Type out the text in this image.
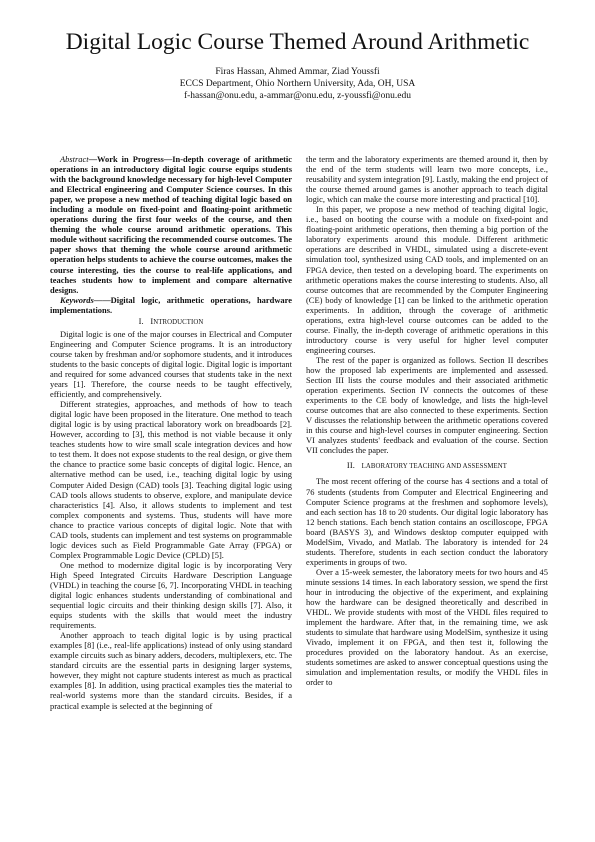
Digital Logic Course Themed Around Arithmetic
Firas Hassan, Ahmed Ammar, Ziad Youssfi
ECCS Department, Ohio Northern University, Ada, OH, USA
f-hassan@onu.edu, a-ammar@onu.edu, z-youssfi@onu.edu

Abstract—Work in Progress—In-depth coverage of arithmetic operations in an introductory digital logic course equips students with the background knowledge necessary for high-level Computer and Electrical engineering and Computer Science courses. In this paper, we propose a new method of teaching digital logic based on including a module on fixed-point and floating-point arithmetic operations during the first four weeks of the course, and then theming the whole course around arithmetic operations. This module without sacrificing the recommended course outcomes. The paper shows that theming the whole course around arithmetic operation helps students to achieve the course outcomes, makes the course interesting, ties the course to real-life applications, and teaches students how to implement and compare alternative designs.

Keywords——Digital logic, arithmetic operations, hardware implementations.

I. INTRODUCTION

Digital logic is one of the major courses in Electrical and Computer Engineering and Computer Science programs. It is an introductory course taken by freshman and/or sophomore students, and it introduces students to the basic concepts of digital logic. Digital logic is important and required for some advanced courses that students take in the next years [1]. Therefore, the course needs to be taught effectively, efficiently, and comprehensively.

Different strategies, approaches, and methods of how to teach digital logic have been proposed in the literature. One method to teach digital logic is by using practical laboratory work on breadboards [2]. However, according to [3], this method is not viable because it only teaches students how to wire small scale integration devices and how to test them. It does not expose students to the real design, or give them the chance to practice some basic concepts of digital logic. Hence, an alternative method can be used, i.e., teaching digital logic by using Computer Aided Design (CAD) tools [3]. Teaching digital logic using CAD tools allows students to observe, explore, and manipulate device characteristics [4]. Also, it allows students to implement and test complex components and systems. Thus, students will have more chance to practice various concepts of digital logic. Note that with CAD tools, students can implement and test systems on programmable logic devices such as Field Programmable Gate Array (FPGA) or Complex Programmable Logic Device (CPLD) [5].

One method to modernize digital logic is by incorporating Very High Speed Integrated Circuits Hardware Description Language (VHDL) in teaching the course [6, 7]. Incorporating VHDL in teaching digital logic enhances students understanding of combinational and sequential logic circuits and their thinking design skills [7]. Also, it equips students with the skills that would meet the industry requirements.

Another approach to teach digital logic is by using practical examples [8] (i.e., real-life applications) instead of only using standard example circuits such as binary adders, decoders, multiplexers, etc. The standard circuits are the essential parts in designing larger systems, however, they might not capture students interest as much as practical examples [8]. In addition, using practical examples ties the material to real-world systems more than the standard circuits. Besides, if a practical example is selected at the beginning of

the term and the laboratory experiments are themed around it, then by the end of the term students will learn two more concepts, i.e., reusability and system integration [9]. Lastly, making the end project of the course themed around games is another approach to teach digital logic, which can make the course more interesting and practical [10].

In this paper, we propose a new method of teaching digital logic, i.e., based on booting the course with a module on fixed-point and floating-point arithmetic operations, then theming a big portion of the laboratory experiments around this module. Different arithmetic operations are described in VHDL, simulated using a discrete-event simulation tool, synthesized using CAD tools, and implemented on an FPGA device, then tested on a developing board. The experiments on arithmetic operations makes the course interesting to students. Also, all course outcomes that are recommended by the Computer Engineering (CE) body of knowledge [1] can be linked to the arithmetic operation experiments. In addition, through the coverage of arithmetic operations, extra high-level course outcomes can be added to the course. Finally, the in-depth coverage of arithmetic operations in this introductory course is very useful for higher level computer engineering courses.

The rest of the paper is organized as follows. Section II describes how the proposed lab experiments are implemented and assessed. Section III lists the course modules and their associated arithmetic operation experiments. Section IV connects the outcomes of these experiments to the CE body of knowledge, and lists the high-level course outcomes that are also connected to these experiments. Section V discusses the relationship between the arithmetic operations covered in this course and high-level courses in computer engineering. Section VI analyzes students' feedback and evaluation of the course. Section VII concludes the paper.

II. LABORATORY TEACHING AND ASSESSMENT

The most recent offering of the course has 4 sections and a total of 76 students (students from Computer and Electrical Engineering and Computer Science programs at the freshmen and sophomore levels), and each section has 18 to 20 students. Our digital logic laboratory has 12 bench stations. Each bench station contains an oscilloscope, FPGA board (BASYS 3), and Windows desktop computer equipped with ModelSim, Vivado, and Matlab. The laboratory is intended for 24 students. Therefore, students in each section conduct the laboratory experiments in groups of two.

Over a 15-week semester, the laboratory meets for two hours and 45 minute sessions 14 times. In each laboratory session, we spend the first hour in introducing the objective of the experiment, and explaining how the hardware can be designed theoretically and described in VHDL. We provide students with most of the VHDL files required to implement the hardware. After that, in the remaining time, we ask students to simulate that hardware using ModelSim, synthesize it using Vivado, implement it on FPGA, and then test it, following the procedures provided on the laboratory handout. As an exercise, students sometimes are asked to answer conceptual questions using the simulation and implementation results, or modify the VHDL files in order to
